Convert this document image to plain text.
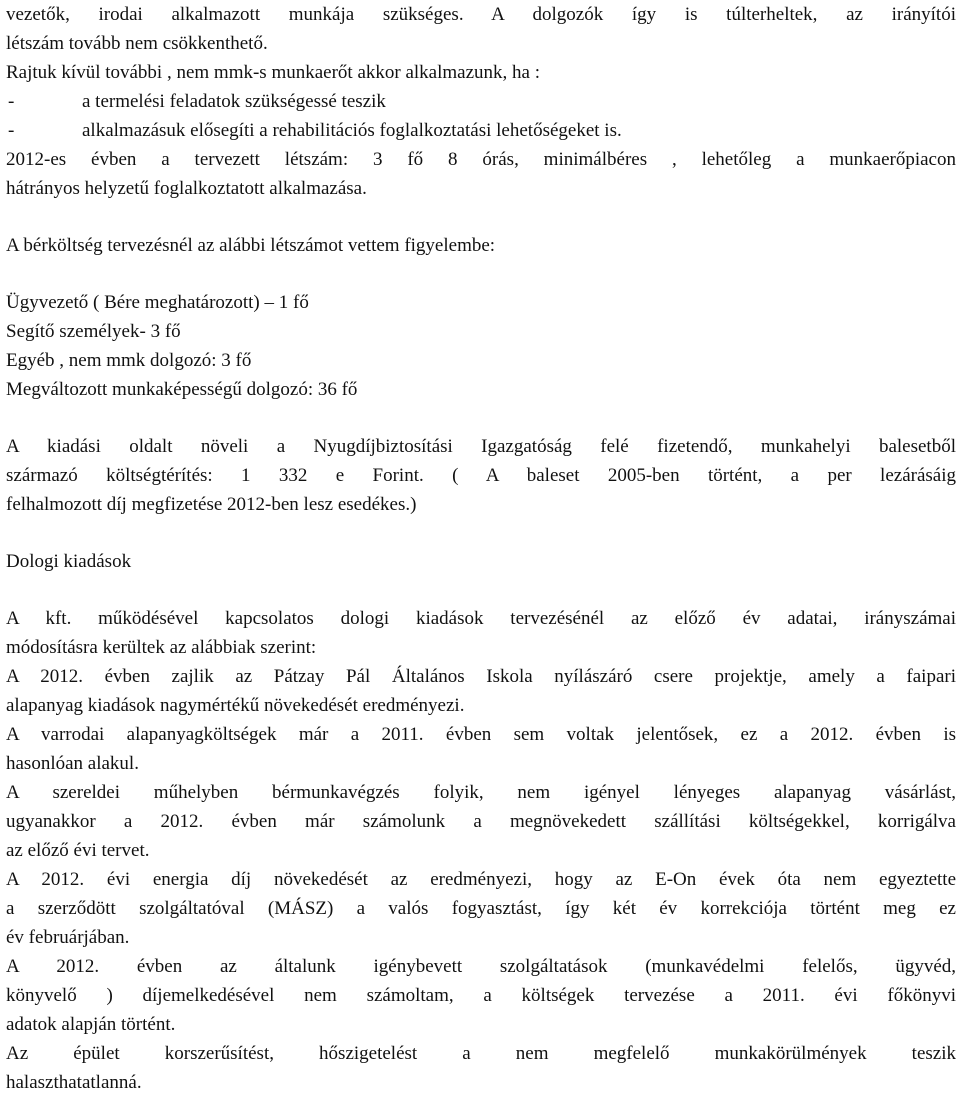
vezetők, irodai alkalmazott munkája szükséges. A dolgozók így is túlterheltek, az irányítói
létszám tovább nem csökkenthető.
Rajtuk kívül további , nem mmk-s munkaerőt akkor alkalmazunk, ha :
-	a termelési feladatok szükségessé teszik
-	alkalmazásuk elősegíti a rehabilitációs foglalkoztatási lehetőségeket is.
2012-es évben a tervezett létszám: 3 fő 8 órás, minimálbéres , lehetőleg a munkaerőpiacon
hátrányos helyzetű foglalkoztatott alkalmazása.
A bérköltség tervezésnél az alábbi létszámot vettem figyelembe:
Ügyvezető ( Bére meghatározott) – 1 fő
Segítő személyek- 3 fő
Egyéb , nem mmk dolgozó: 3 fő
Megváltozott munkaképességű dolgozó: 36 fő
A kiadási oldalt növeli a Nyugdíjbiztosítási Igazgatóság felé fizetendő, munkahelyi balesetből
származó költségtérítés: 1 332 e Forint. ( A baleset 2005-ben történt, a per lezárásáig
felhalmozott díj megfizetése 2012-ben lesz esedékes.)
Dologi kiadások
A kft. működésével kapcsolatos dologi kiadások tervezésénél az előző év adatai, irányszámai
módosításra kerültek az alábbiak szerint:
A 2012. évben zajlik az Pátzay Pál Általános Iskola nyílászáró csere projektje, amely a faipari
alapanyag kiadások nagymértékű növekedését eredményezi.
A varrodai alapanyagköltségek már a 2011. évben sem voltak jelentősek, ez a 2012. évben is
hasonlóan alakul.
A szereldei műhelyben bérmunkavégzés folyik, nem igényel lényeges alapanyag vásárlást,
ugyanakkor a 2012. évben már számolunk a megnövekedett szállítási költségekkel, korrigálva
az előző évi tervet.
A 2012. évi energia díj növekedését az eredményezi, hogy az E-On évek óta nem egyeztette
a szerződött szolgáltatóval (MÁSZ) a valós fogyasztást, így két év korrekciója történt meg ez
év februárjában.
A 2012. évben az általunk igénybevett szolgáltatások (munkavédelmi felelős, ügyvéd,
könyvelő ) díjemelkedésével nem számoltam, a költségek tervezése a 2011. évi főkönyvi
adatok alapján történt.
Az épület korszerűsítést, hőszigetelést a nem megfelelő munkakörülmények teszik
halaszthatatlanná.
